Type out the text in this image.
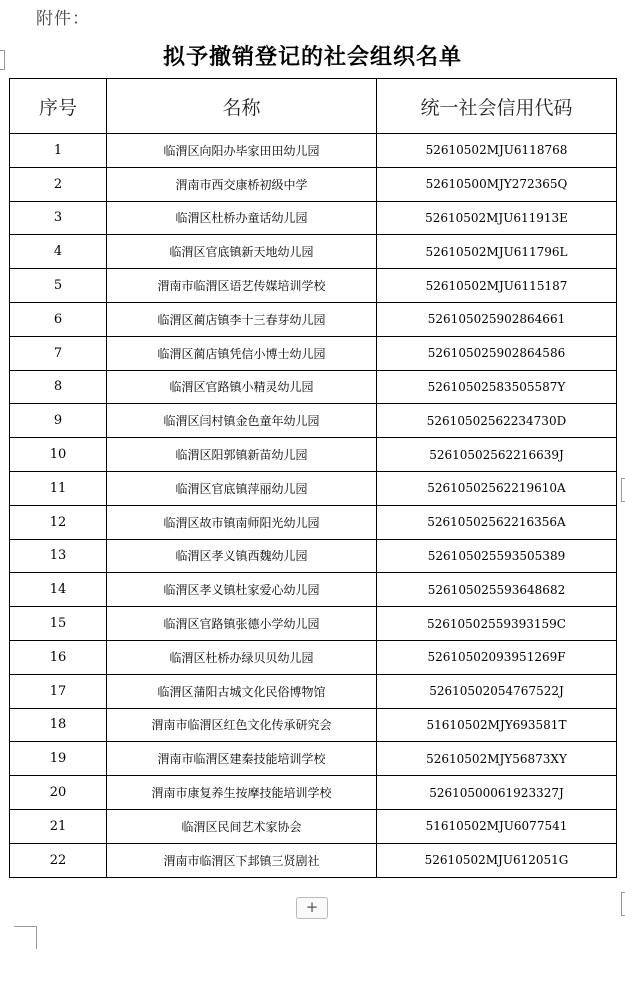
附件：
拟予撤销登记的社会组织名单
序号	名称	统一社会信用代码
1	临渭区向阳办毕家田田幼儿园	52610502MJU6118768
2	渭南市西交康桥初级中学	52610500MJY272365Q
3	临渭区杜桥办童话幼儿园	52610502MJU611913E
4	临渭区官底镇新天地幼儿园	52610502MJU611796L
5	渭南市临渭区语艺传媒培训学校	52610502MJU6115187
6	临渭区蔺店镇李十三春芽幼儿园	526105025902864661
7	临渭区蔺店镇凭信小博士幼儿园	526105025902864586
8	临渭区官路镇小精灵幼儿园	52610502583505587Y
9	临渭区闫村镇金色童年幼儿园	52610502562234730D
10	临渭区阳郭镇新苗幼儿园	52610502562216639J
11	临渭区官底镇萍丽幼儿园	52610502562219610A
12	临渭区故市镇南师阳光幼儿园	52610502562216356A
13	临渭区孝义镇西魏幼儿园	526105025593505389
14	临渭区孝义镇杜家爱心幼儿园	526105025593648682
15	临渭区官路镇张德小学幼儿园	52610502559393159C
16	临渭区杜桥办绿贝贝幼儿园	52610502093951269F
17	临渭区蒲阳古城文化民俗博物馆	52610502054767522J
18	渭南市临渭区红色文化传承研究会	51610502MJY693581T
19	渭南市临渭区建秦技能培训学校	52610502MJY56873XY
20	渭南市康复养生按摩技能培训学校	52610500061923327J
21	临渭区民间艺术家协会	51610502MJU6077541
22	渭南市临渭区下邽镇三贤剧社	52610502MJU612051G
+
